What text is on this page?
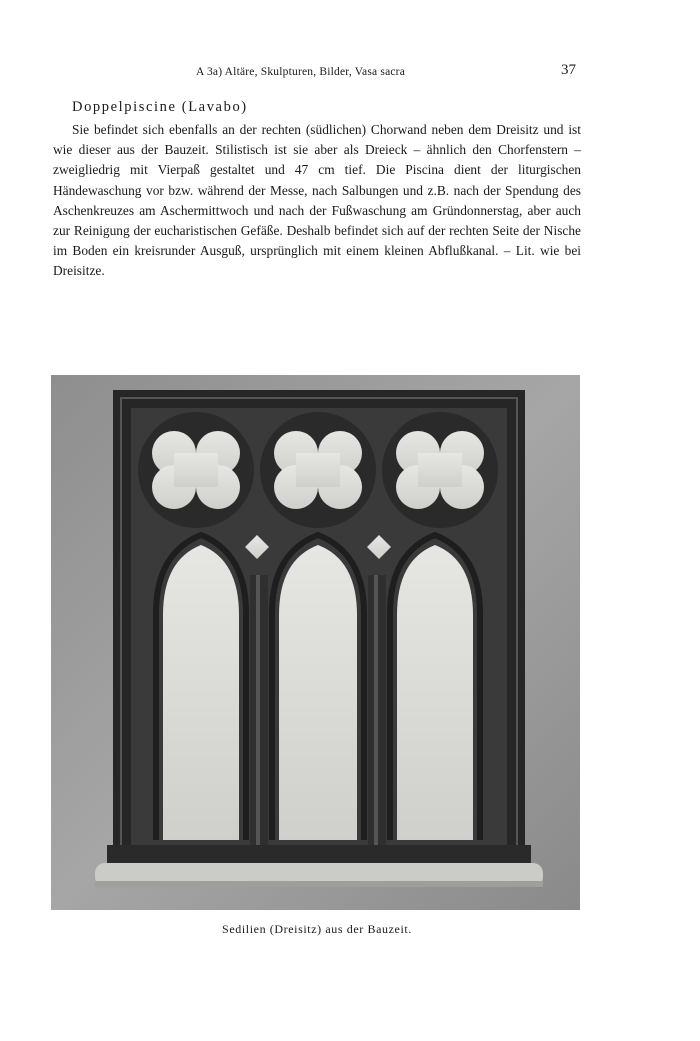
A 3a) Altäre, Skulpturen, Bilder, Vasa sacra	37
Doppelpiscine (Lavabo)

Sie befindet sich ebenfalls an der rechten (südlichen) Chorwand neben dem Dreisitz und ist wie dieser aus der Bauzeit. Stilistisch ist sie aber als Dreieck – ähnlich den Chorfenstern – zweigliedrig mit Vierpaß gestaltet und 47 cm tief. Die Piscina dient der liturgischen Händewaschung vor bzw. während der Messe, nach Salbungen und z.B. nach der Spendung des Aschenkreuzes am Aschermittwoch und nach der Fußwaschung am Gründonnerstag, aber auch zur Reinigung der eucharistischen Gefäße. Deshalb befindet sich auf der rechten Seite der Nische im Boden ein kreisrunder Ausguß, ursprünglich mit einem kleinen Abflußkanal. – Lit. wie bei Dreisitze.

Sedilien (Dreisitz) aus der Bauzeit.
